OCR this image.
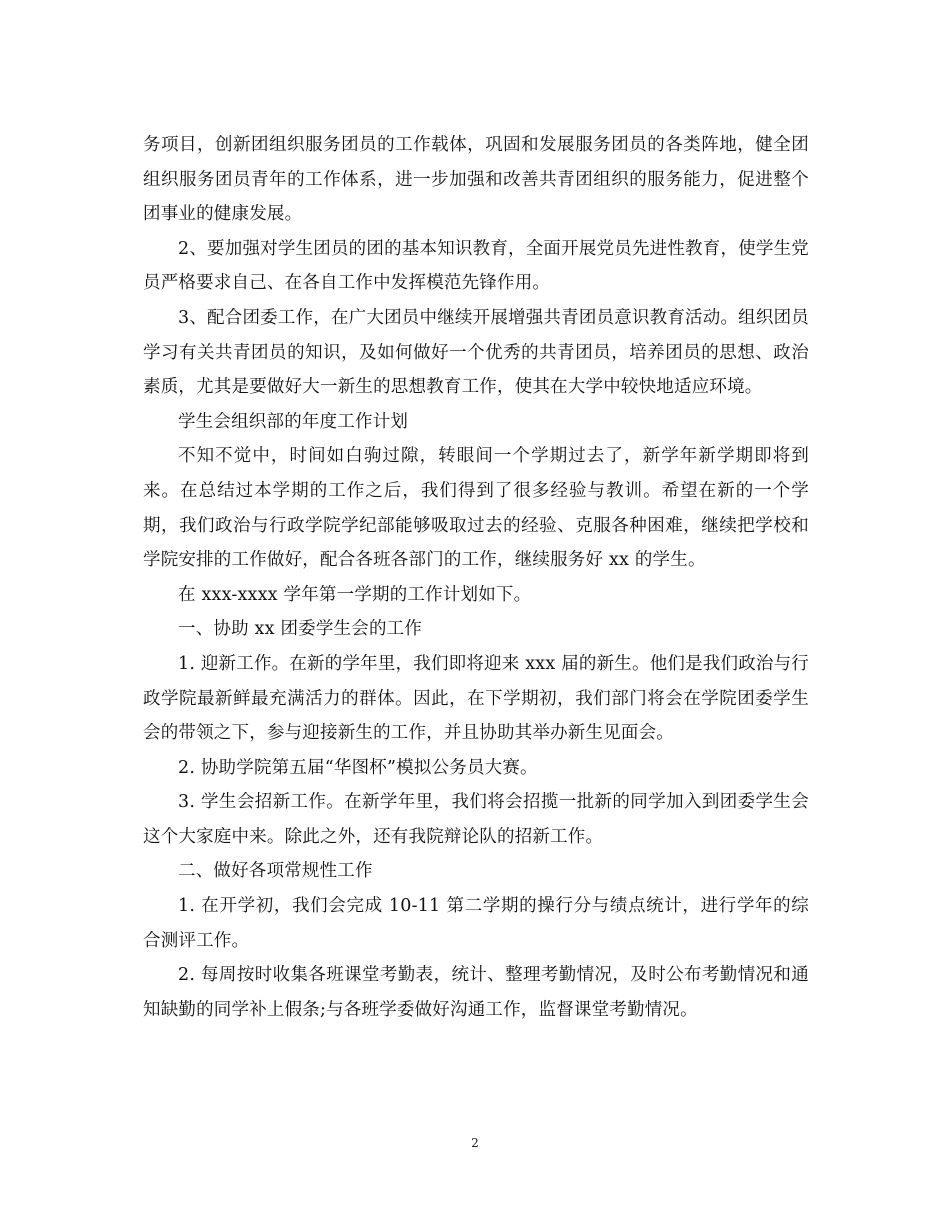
务项目，创新团组织服务团员的工作载体，巩固和发展服务团员的各类阵地，健全团组织服务团员青年的工作体系，进一步加强和改善共青团组织的服务能力，促进整个团事业的健康发展。

2、要加强对学生团员的团的基本知识教育，全面开展党员先进性教育，使学生党员严格要求自己、在各自工作中发挥模范先锋作用。

3、配合团委工作，在广大团员中继续开展增强共青团员意识教育活动。组织团员学习有关共青团员的知识，及如何做好一个优秀的共青团员，培养团员的思想、政治素质，尤其是要做好大一新生的思想教育工作，使其在大学中较快地适应环境。

学生会组织部的年度工作计划

不知不觉中，时间如白驹过隙，转眼间一个学期过去了，新学年新学期即将到来。在总结过本学期的工作之后，我们得到了很多经验与教训。希望在新的一个学期，我们政治与行政学院学纪部能够吸取过去的经验、克服各种困难，继续把学校和学院安排的工作做好，配合各班各部门的工作，继续服务好 xx 的学生。

在 xxx-xxxx 学年第一学期的工作计划如下。

一、协助 xx 团委学生会的工作

1. 迎新工作。在新的学年里，我们即将迎来 xxx 届的新生。他们是我们政治与行政学院最新鲜最充满活力的群体。因此，在下学期初，我们部门将会在学院团委学生会的带领之下，参与迎接新生的工作，并且协助其举办新生见面会。

2. 协助学院第五届“华图杯”模拟公务员大赛。

3. 学生会招新工作。在新学年里，我们将会招揽一批新的同学加入到团委学生会这个大家庭中来。除此之外，还有我院辩论队的招新工作。

二、做好各项常规性工作

1. 在开学初，我们会完成 10-11 第二学期的操行分与绩点统计，进行学年的综合测评工作。

2. 每周按时收集各班课堂考勤表，统计、整理考勤情况，及时公布考勤情况和通知缺勤的同学补上假条;与各班学委做好沟通工作，监督课堂考勤情况。

2
